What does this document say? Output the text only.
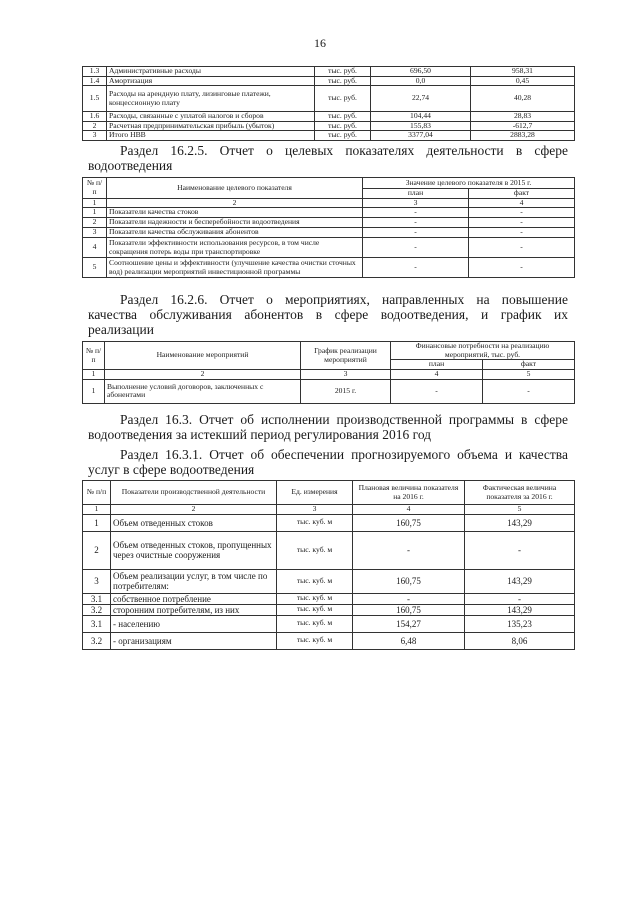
16
1.3	Административные расходы	тыс. руб.	696,50	958,31
1.4	Амортизация	тыс. руб.	0,0	0,45
1.5	Расходы на арендную плату, лизинговые платежи, концессионную плату	тыс. руб.	22,74	40,28
1.6	Расходы, связанные с уплатой налогов и сборов	тыс. руб.	104,44	28,83
2	Расчетная предпринимательская прибыль (убыток)	тыс. руб.	155,83	-612,7
3	Итого НВВ	тыс. руб.	3377,04	2883,28
Раздел 16.2.5. Отчет о целевых показателях деятельности в сфере
водоотведения
№ п/п	Наименование целевого показателя	Значение целевого показателя в 2015 г.	
		план	факт
1	2	3	4
1	Показатели качества стоков	-	-
2	Показатели надежности и бесперебойности водоотведения	-	-
3	Показатели качества обслуживания абонентов	-	-
4	Показатели эффективности использования ресурсов, в том числе сокращения потерь воды при транспортировке	-	-
5	Соотношение цены и эффективности (улучшение качества очистки сточных вод) реализации мероприятий инвестиционной программы	-	-
Раздел 16.2.6. Отчет о мероприятиях, направленных на повышение
качества обслуживания абонентов в сфере водоотведения, и график их
реализации
№ п/п	Наименование мероприятий	График реализации мероприятий	Финансовые потребности на реализацию мероприятий, тыс. руб.	
			план	факт
1	2	3	4	5
1	Выполнение условий договоров, заключенных с абонентами	2015 г.	-	-
Раздел 16.3. Отчет об исполнении производственной программы в сфере
водоотведения за истекший период регулирования 2016 год
Раздел 16.3.1. Отчет об обеспечении прогнозируемого объема и качества
услуг в сфере водоотведения
№ п/п	Показатели производственной деятельности	Ед. измерения	Плановая величина показателя на 2016 г.	Фактическая величина показателя за 2016 г.
1	2	3	4	5
1	Объем отведенных стоков	тыс. куб. м	160,75	143,29
2	Объем отведенных стоков, пропущенных через очистные сооружения	тыс. куб. м	-	-
3	Объем реализации услуг, в том числе по потребителям:	тыс. куб. м	160,75	143,29
3.1	собственное потребление	тыс. куб. м	-	-
3.2	сторонним потребителям, из них	тыс. куб. м	160,75	143,29
3.1	- населению	тыс. куб. м	154,27	135,23
3.2	- организациям	тыс. куб. м	6,48	8,06
